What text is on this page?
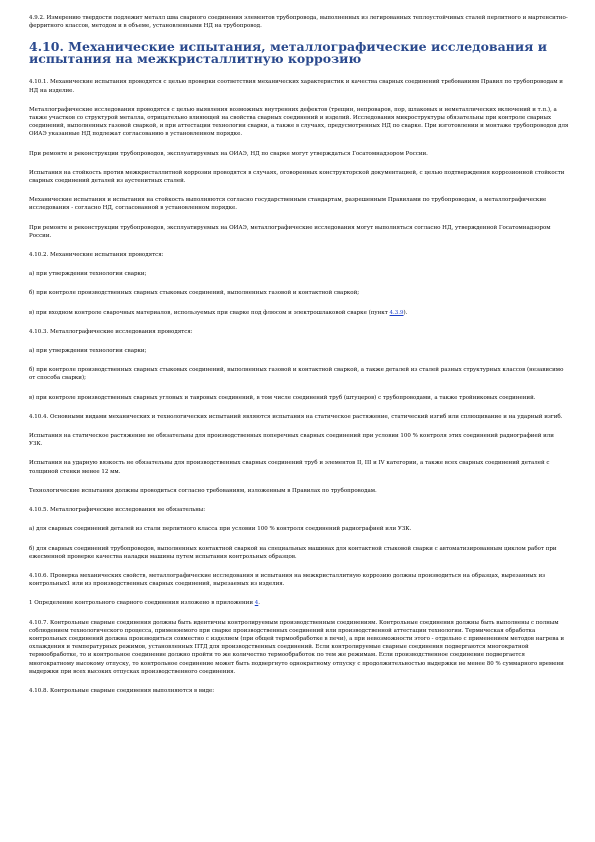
4.9.2. Измерению твердости подлежит металл шва сварного соединения элементов трубопровода, выполненных из легированных теплоустойчивых сталей перлитного и мартенситно-ферритного классов, методом и в объеме, установленными НД на трубопровод.

4.10. Механические испытания, металлографические исследования и испытания на межкристаллитную коррозию

4.10.1. Механические испытания проводятся с целью проверки соответствия механических характеристик и качества сварных соединений требованиям Правил по трубопроводам и НД на изделие.

Металлографические исследования проводятся с целью выявления возможных внутренних дефектов (трещин, непроваров, пор, шлаковых и неметаллических включений и т.п.), а также участков со структурой металла, отрицательно влияющей на свойства сварных соединений и изделий. Исследования микроструктуры обязательны при контроле сварных соединений, выполненных газовой сваркой, и при аттестации технологии сварки, а также в случаях, предусмотренных НД по сварке. При изготовлении и монтаже трубопроводов для ОИАЭ указанные НД подлежат согласованию в установленном порядке.

При ремонте и реконструкции трубопроводов, эксплуатируемых на ОИАЭ, НД по сварке могут утверждаться Госатомнадзором России.

Испытания на стойкость против межкристаллитной коррозии проводятся в случаях, оговоренных конструкторской документацией, с целью подтверждения коррозионной стойкости сварных соединений деталей из аустенитных сталей.

Механические испытания и испытания на стойкость выполняются согласно государственным стандартам, разрешенным Правилами по трубопроводам, а металлографические исследования - согласно НД, согласованной в установленном порядке.

При ремонте и реконструкции трубопроводов, эксплуатируемых на ОИАЭ, металлографические исследования могут выполняться согласно НД, утвержденной Госатомнадзором России.

4.10.2. Механические испытания проводятся:

а) при утверждении технологии сварки;

б) при контроле производственных сварных стыковых соединений, выполненных газовой и контактной сваркой;

в) при входном контроле сварочных материалов, используемых при сварке под флюсом и электрошлаковой сварке (пункт 4.3.9).

4.10.3. Металлографические исследования проводятся:

а) при утверждении технологии сварки;

б) при контроле производственных сварных стыковых соединений, выполненных газовой и контактной сваркой, а также деталей из сталей разных структурных классов (независимо от способа сварки);

в) при контроле производственных сварных угловых и тавровых соединений, в том числе соединений труб (штуцеров) с трубопроводами, а также тройниковых соединений.

4.10.4. Основными видами механических и технологических испытаний являются испытания на статическое растяжение, статический изгиб или сплющивание и на ударный изгиб.

Испытания на статическое растяжение не обязательны для производственных поперечных сварных соединений при условии 100 % контроля этих соединений радиографией или УЗК.

Испытания на ударную вязкость не обязательны для производственных сварных соединений труб и элементов II, III и IV категории, а также всех сварных соединений деталей с толщиной стенки менее 12 мм.

Технологические испытания должны проводиться согласно требованиям, изложенным в Правилах по трубопроводам.

4.10.5. Металлографические исследования не обязательны:

а) для сварных соединений деталей из стали перлитного класса при условии 100 % контроля соединений радиографией или УЗК.

б) для сварных соединений трубопроводов, выполненных контактной сваркой на специальных машинах для контактной стыковой сварки с автоматизированным циклом работ при ежесменной проверке качества наладки машины путем испытания контрольных образцов.

4.10.6. Проверка механических свойств, металлографические исследования и испытания на межкристаллитную коррозию должны производиться на образцах, вырезанных из контрольных1 или из производственных сварных соединений, вырезаемых из изделия.

1 Определение контрольного сварного соединения изложено в приложении 4.

4.10.7. Контрольные сварные соединения должны быть идентичны контролируемым производственным соединениям. Контрольные соединения должны быть выполнены с полным соблюдением технологического процесса, применяемого при сварке производственных соединений или производственной аттестации технологии. Термическая обработка контрольных соединений должна производиться совместно с изделием (при общей термообработке в печи), а при невозможности этого - отдельно с применением методов нагрева и охлаждения и температурных режимов, установленных ПТД для производственных соединений. Если контролируемые сварные соединения подвергаются многократной термообработке, то и контрольное соединение должно пройти то же количество термообработок по тем же режимам. Если производственное соединение подвергается многократному высокому отпуску, то контрольное соединение может быть подвергнуто однократному отпуску с продолжительностью выдержки не менее 80 % суммарного времени выдержки при всех высоких отпусках производственного соединения.

4.10.8. Контрольные сварные соединения выполняются в виде:
